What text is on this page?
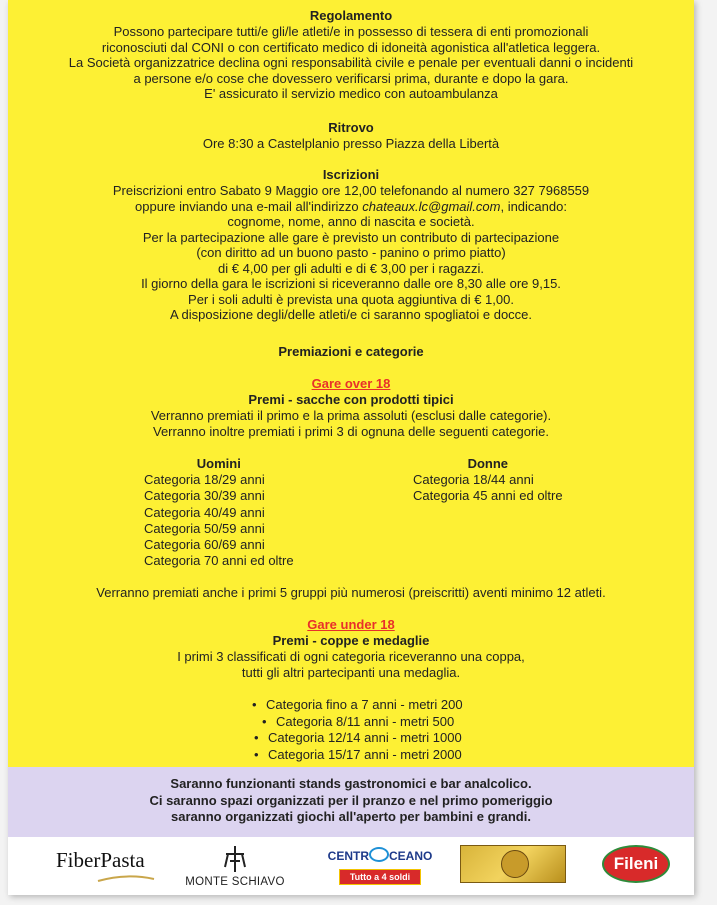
Regolamento
Possono partecipare tutti/e gli/le atleti/e in possesso di tessera di enti promozionali
riconosciuti dal CONI o con certificato medico di idoneità agonistica all'atletica leggera.
La Società organizzatrice declina ogni responsabilità civile e penale per eventuali danni o incidenti
a persone e/o cose che dovessero verificarsi prima, durante e dopo la gara.
E' assicurato il servizio medico con autoambulanza
Ritrovo
Ore 8:30 a Castelplanio presso Piazza della Libertà
Iscrizioni
Preiscrizioni entro Sabato 9 Maggio ore 12,00 telefonando al numero 327 7968559
oppure inviando una e-mail all'indirizzo chateaux.lc@gmail.com, indicando:
cognome, nome, anno di nascita e società.
Per la partecipazione alle gare è previsto un contributo di partecipazione
(con diritto ad un buono pasto - panino o primo piatto)
di € 4,00 per gli adulti e di € 3,00 per i ragazzi.
Il giorno della gara le iscrizioni si riceveranno dalle ore 8,30 alle ore 9,15.
Per i soli adulti è prevista una quota aggiuntiva di € 1,00.
A disposizione degli/delle atleti/e ci saranno spogliatoi e docce.
Premiazioni e categorie
Gare over 18
Premi - sacche con prodotti tipici
Verranno premiati il primo e la prima assoluti (esclusi dalle categorie).
Verranno inoltre premiati i primi 3 di ognuna delle seguenti categorie.
Uomini
Categoria 18/29 anni
Categoria 30/39 anni
Categoria 40/49 anni
Categoria 50/59 anni
Categoria 60/69 anni
Categoria 70 anni ed oltre
Donne
Categoria 18/44 anni
Categoria 45 anni ed oltre
Verranno premiati anche i primi 5 gruppi più numerosi (preiscritti) aventi minimo 12 atleti.
Gare under 18
Premi - coppe e medaglie
I primi 3 classificati di ogni categoria riceveranno una coppa,
tutti gli altri partecipanti una medaglia.
• Categoria fino a 7 anni - metri 200
• Categoria 8/11 anni - metri 500
• Categoria 12/14 anni - metri 1000
• Categoria 15/17 anni - metri 2000
Saranno funzionanti stands gastronomici e bar analcolico.
Ci saranno spazi organizzati per il pranzo e nel primo pomeriggio
saranno organizzati giochi all'aperto per bambini e grandi.
FiberPasta
MONTE SCHIAVO
CENTR CEANO
Tutto a 4 soldi
Fileni
